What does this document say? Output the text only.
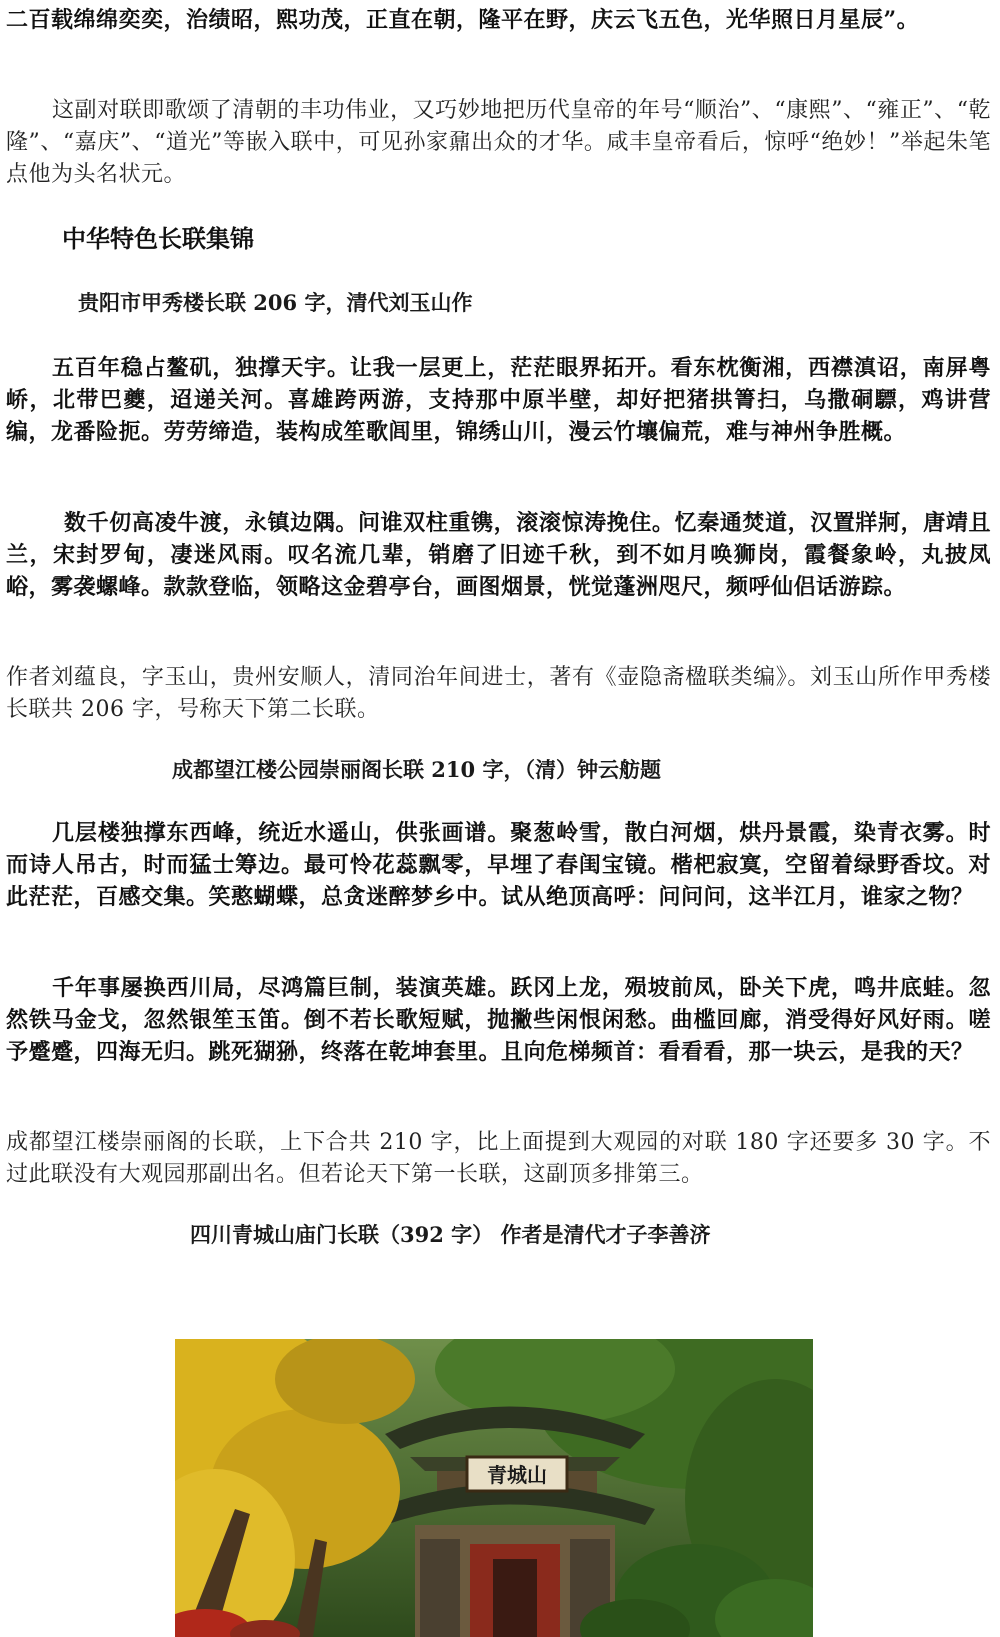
二百载绵绵奕奕，治绩昭，熙功茂，正直在朝，隆平在野，庆云飞五色，光华照日月星辰”。

这副对联即歌颂了清朝的丰功伟业，又巧妙地把历代皇帝的年号“顺治”、“康熙”、“雍正”、“乾隆”、“嘉庆”、“道光”等嵌入联中，可见孙家鼐出众的才华。咸丰皇帝看后，惊呼“绝妙！”举起朱笔点他为头名状元。

中华特色长联集锦
贵阳市甲秀楼长联 206 字，清代刘玉山作

五百年稳占鳌矶，独撑天宇。让我一层更上，茫茫眼界拓开。看东枕衡湘，西襟滇诏，南屏粤峤，北带巴夔，迢递关河。喜雄跨两游，支持那中原半壁，却好把猪拱箐扫，乌撒硐驃，鸡讲营编，龙番险扼。劳劳缔造，装构成笙歌闾里，锦绣山川，漫云竹壤偏荒，难与神州争胜概。

数千仞高凌牛渡，永镇边隅。问谁双柱重镌，滚滚惊涛挽住。忆秦通焚道，汉置牂牁，唐靖且兰，宋封罗甸，凄迷风雨。叹名流几辈，销磨了旧迹千秋，到不如月唤狮岗，霞餐象岭，丸披凤峪，雾袭螺峰。款款登临，领略这金碧亭台，画图烟景，恍觉蓬洲咫尺，频呼仙侣话游踪。

作者刘蕴良，字玉山，贵州安顺人，清同治年间进士，著有《壶隐斋楹联类编》。刘玉山所作甲秀楼长联共 206 字，号称天下第二长联。

成都望江楼公园崇丽阁长联 210 字，（清）钟云舫题

几层楼独撑东西峰，统近水遥山，供张画谱。聚葱岭雪，散白河烟，烘丹景霞，染青衣雾。时而诗人吊古，时而猛士筹边。最可怜花蕊飘零，早埋了春闺宝镜。楷杷寂寞，空留着绿野香坟。对此茫茫，百感交集。笑憨蝴蝶，总贪迷醉梦乡中。试从绝顶高呼：问问问，这半江月，谁家之物？

千年事屡换西川局，尽鸿篇巨制，装演英雄。跃冈上龙，殒坡前凤，卧关下虎，鸣井底蛙。忽然铁马金戈，忽然银笙玉笛。倒不若长歌短赋，抛撇些闲恨闲愁。曲槛回廊，消受得好风好雨。嗟予蹙蹙，四海无归。跳死猢狲，终落在乾坤套里。且向危梯频首：看看看，那一块云，是我的天？

成都望江楼崇丽阁的长联，上下合共 210 字，比上面提到大观园的对联 180 字还要多 30 字。不过此联没有大观园那副出名。但若论天下第一长联，这副顶多排第三。

四川青城山庙门长联（392 字） 作者是清代才子李善济
青城山
